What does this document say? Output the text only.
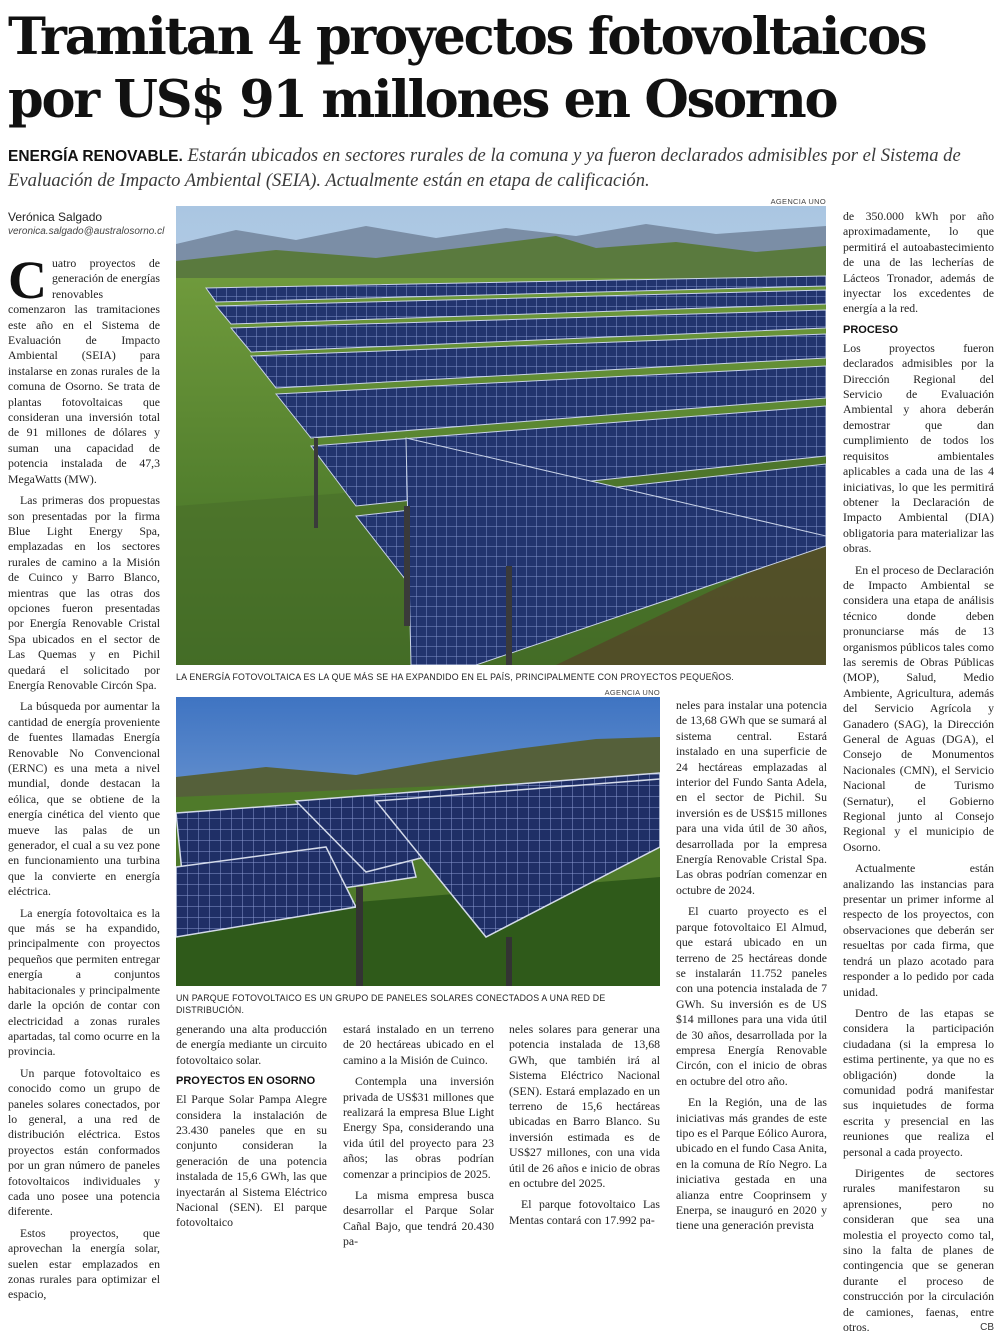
Tramitan 4 proyectos fotovoltaicos
por US$ 91 millones en Osorno
ENERGÍA RENOVABLE. Estarán ubicados en sectores rurales de la comuna y ya fueron declarados admisibles por el Sistema de Evaluación de Impacto Ambiental (SEIA). Actualmente están en etapa de calificación.
Verónica Salgado
veronica.salgado@australosorno.cl

Cuatro proyectos de generación de energías renovables comenzaron las tramitaciones este año en el Sistema de Evaluación de Impacto Ambiental (SEIA) para instalarse en zonas rurales de la comuna de Osorno. Se trata de plantas fotovoltaicas que consideran una inversión total de 91 millones de dólares y suman una capacidad de potencia instalada de 47,3 MegaWatts (MW).

Las primeras dos propuestas son presentadas por la firma Blue Light Energy Spa, emplazadas en los sectores rurales de camino a la Misión de Cuinco y Barro Blanco, mientras que las otras dos opciones fueron presentadas por Energía Renovable Cristal Spa ubicados en el sector de Las Quemas y en Pichil quedará el solicitado por Energía Renovable Circón Spa.

La búsqueda por aumentar la cantidad de energía proveniente de fuentes llamadas Energía Renovable No Convencional (ERNC) es una meta a nivel mundial, donde destacan la eólica, que se obtiene de la energía cinética del viento que mueve las palas de un generador, el cual a su vez pone en funcionamiento una turbina que la convierte en energía eléctrica.

La energía fotovoltaica es la que más se ha expandido, principalmente con proyectos pequeños que permiten entregar energía a conjuntos habitacionales y principalmente darle la opción de contar con electricidad a zonas rurales apartadas, tal como ocurre en la provincia.

Un parque fotovoltaico es conocido como un grupo de paneles solares conectados, por lo general, a una red de distribución eléctrica. Estos proyectos están conformados por un gran número de paneles fotovoltaicos individuales y cada uno posee una potencia diferente.

Estos proyectos, que aprovechan la energía solar, suelen estar emplazados en zonas rurales para optimizar el espacio,

AGENCIA UNO
LA ENERGÍA FOTOVOLTAICA ES LA QUE MÁS SE HA EXPANDIDO EN EL PAÍS, PRINCIPALMENTE CON PROYECTOS PEQUEÑOS.
AGENCIA UNO
UN PARQUE FOTOVOLTAICO ES UN GRUPO DE PANELES SOLARES CONECTADOS A UNA RED DE DISTRIBUCIÓN.

generando una alta producción de energía mediante un circuito fotovoltaico solar.

PROYECTOS EN OSORNO

El Parque Solar Pampa Alegre considera la instalación de 23.430 paneles que en su conjunto consideran la generación de una potencia instalada de 15,6 GWh, las que inyectarán al Sistema Eléctrico Nacional (SEN). El parque fotovoltaico

estará instalado en un terreno de 20 hectáreas ubicado en el camino a la Misión de Cuinco.

Contempla una inversión privada de US$31 millones que realizará la empresa Blue Light Energy Spa, considerando una vida útil del proyecto para 23 años; las obras podrían comenzar a principios de 2025.

La misma empresa busca desarrollar el Parque Solar Cañal Bajo, que tendrá 20.430 pa-

neles solares para generar una potencia instalada de 13,68 GWh, que también irá al Sistema Eléctrico Nacional (SEN). Estará emplazado en un terreno de 15,6 hectáreas ubicadas en Barro Blanco. Su inversión estimada es de US$27 millones, con una vida útil de 26 años e inicio de obras en octubre del 2025.

El parque fotovoltaico Las Mentas contará con 17.992 pa-

neles para instalar una potencia de 13,68 GWh que se sumará al sistema central. Estará instalado en una superficie de 24 hectáreas emplazadas al interior del Fundo Santa Adela, en el sector de Pichil. Su inversión es de US$15 millones para una vida útil de 30 años, desarrollada por la empresa Energía Renovable Cristal Spa. Las obras podrían comenzar en octubre de 2024.

El cuarto proyecto es el parque fotovoltaico El Almud, que estará ubicado en un terreno de 25 hectáreas donde se instalarán 11.752 paneles con una potencia instalada de 7 GWh. Su inversión es de US $14 millones para una vida útil de 30 años, desarrollada por la empresa Energía Renovable Circón, con el inicio de obras en octubre del otro año.

En la Región, una de las iniciativas más grandes de este tipo es el Parque Eólico Aurora, ubicado en el fundo Casa Anita, en la comuna de Río Negro. La iniciativa gestada en una alianza entre Cooprinsem y Enerpa, se inauguró en 2020 y tiene una generación prevista

de 350.000 kWh por año aproximadamente, lo que permitirá el autoabastecimiento de una de las lecherías de Lácteos Tronador, además de inyectar los excedentes de energía a la red.

PROCESO

Los proyectos fueron declarados admisibles por la Dirección Regional del Servicio de Evaluación Ambiental y ahora deberán demostrar que dan cumplimiento de todos los requisitos ambientales aplicables a cada una de las 4 iniciativas, lo que les permitirá obtener la Declaración de Impacto Ambiental (DIA) obligatoria para materializar las obras.

En el proceso de Declaración de Impacto Ambiental se considera una etapa de análisis técnico donde deben pronunciarse más de 13 organismos públicos tales como las seremis de Obras Públicas (MOP), Salud, Medio Ambiente, Agricultura, además del Servicio Agrícola y Ganadero (SAG), la Dirección General de Aguas (DGA), el Consejo de Monumentos Nacionales (CMN), el Servicio Nacional de Turismo (Sernatur), el Gobierno Regional junto al Consejo Regional y el municipio de Osorno.

Actualmente están analizando las instancias para presentar un primer informe al respecto de los proyectos, con observaciones que deberán ser resueltas por cada firma, que tendrá un plazo acotado para responder a lo pedido por cada unidad.

Dentro de las etapas se considera la participación ciudadana (si la empresa lo estima pertinente, ya que no es obligación) donde la comunidad podrá manifestar sus inquietudes de forma escrita y presencial en las reuniones que realiza el personal a cada proyecto.

Dirigentes de sectores rurales manifestaron su aprensiones, pero no consideran que sea una molestia el proyecto como tal, sino la falta de planes de contingencia que se generan durante el proceso de construcción por la circulación de camiones, faenas, entre otros.	CB
